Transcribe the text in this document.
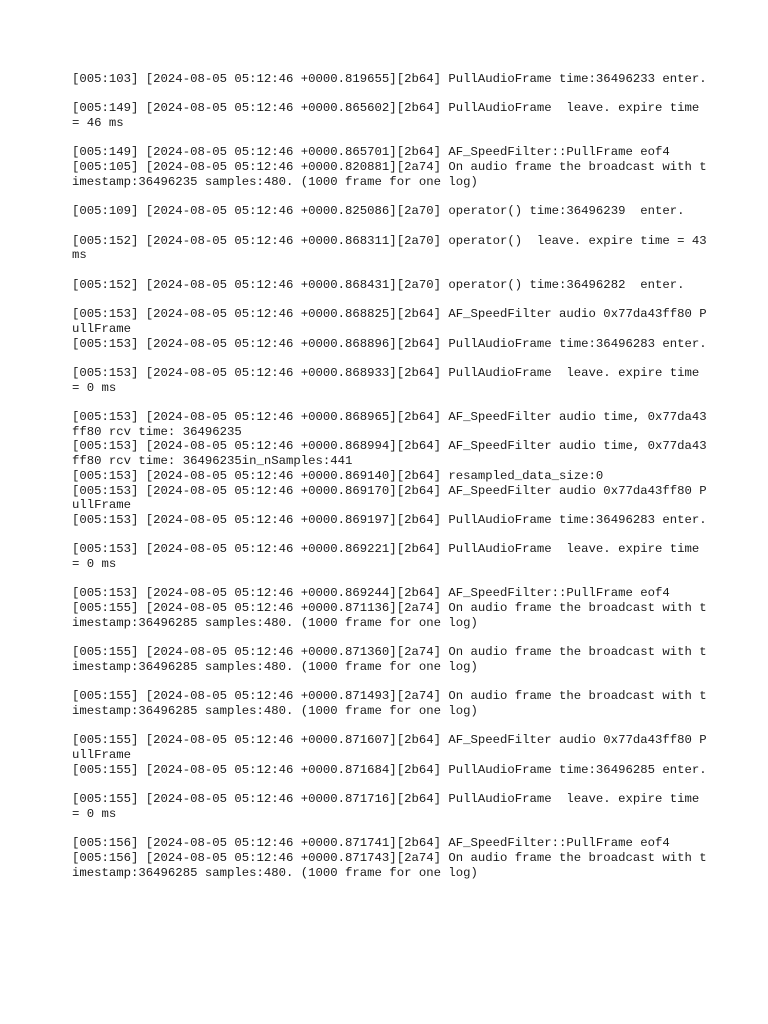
[005:103] [2024-08-05 05:12:46 +0000.819655][2b64] PullAudioFrame time:36496233 enter.
[005:149] [2024-08-05 05:12:46 +0000.865602][2b64] PullAudioFrame  leave. expire time = 46 ms
[005:149] [2024-08-05 05:12:46 +0000.865701][2b64] AF_SpeedFilter::PullFrame eof4
[005:105] [2024-08-05 05:12:46 +0000.820881][2a74] On audio frame the broadcast with timestamp:36496235 samples:480. (1000 frame for one log)
[005:109] [2024-08-05 05:12:46 +0000.825086][2a70] operator() time:36496239  enter.
[005:152] [2024-08-05 05:12:46 +0000.868311][2a70] operator()  leave. expire time = 43 ms
[005:152] [2024-08-05 05:12:46 +0000.868431][2a70] operator() time:36496282  enter.
[005:153] [2024-08-05 05:12:46 +0000.868825][2b64] AF_SpeedFilter audio 0x77da43ff80 PullFrame
[005:153] [2024-08-05 05:12:46 +0000.868896][2b64] PullAudioFrame time:36496283 enter.
[005:153] [2024-08-05 05:12:46 +0000.868933][2b64] PullAudioFrame  leave. expire time = 0 ms
[005:153] [2024-08-05 05:12:46 +0000.868965][2b64] AF_SpeedFilter audio time, 0x77da43ff80 rcv time: 36496235
[005:153] [2024-08-05 05:12:46 +0000.868994][2b64] AF_SpeedFilter audio time, 0x77da43ff80 rcv time: 36496235in_nSamples:441
[005:153] [2024-08-05 05:12:46 +0000.869140][2b64] resampled_data_size:0
[005:153] [2024-08-05 05:12:46 +0000.869170][2b64] AF_SpeedFilter audio 0x77da43ff80 PullFrame
[005:153] [2024-08-05 05:12:46 +0000.869197][2b64] PullAudioFrame time:36496283 enter.
[005:153] [2024-08-05 05:12:46 +0000.869221][2b64] PullAudioFrame  leave. expire time = 0 ms
[005:153] [2024-08-05 05:12:46 +0000.869244][2b64] AF_SpeedFilter::PullFrame eof4
[005:155] [2024-08-05 05:12:46 +0000.871136][2a74] On audio frame the broadcast with timestamp:36496285 samples:480. (1000 frame for one log)
[005:155] [2024-08-05 05:12:46 +0000.871360][2a74] On audio frame the broadcast with timestamp:36496285 samples:480. (1000 frame for one log)
[005:155] [2024-08-05 05:12:46 +0000.871493][2a74] On audio frame the broadcast with timestamp:36496285 samples:480. (1000 frame for one log)
[005:155] [2024-08-05 05:12:46 +0000.871607][2b64] AF_SpeedFilter audio 0x77da43ff80 PullFrame
[005:155] [2024-08-05 05:12:46 +0000.871684][2b64] PullAudioFrame time:36496285 enter.
[005:155] [2024-08-05 05:12:46 +0000.871716][2b64] PullAudioFrame  leave. expire time = 0 ms
[005:156] [2024-08-05 05:12:46 +0000.871741][2b64] AF_SpeedFilter::PullFrame eof4
[005:156] [2024-08-05 05:12:46 +0000.871743][2a74] On audio frame the broadcast with timestamp:36496285 samples:480. (1000 frame for one log)
